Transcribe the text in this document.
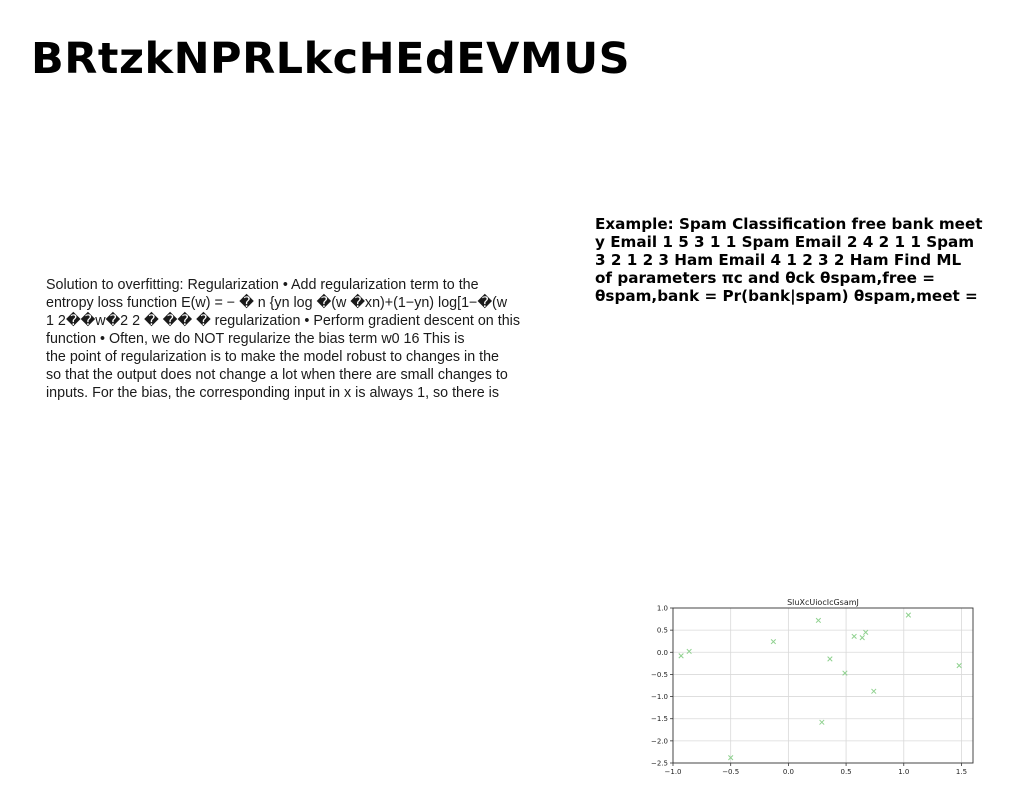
BRtzkNPRLkcHEdEVMUS
Solution to overfitting: Regularization • Add regularization term to the
entropy loss function E(w) = − � n {yn log �(w �xn)+(1−yn) log[1−�(w
1 2��w�2 2 � �� � regularization • Perform gradient descent on this
function • Often, we do NOT regularize the bias term w0 16 This is
the point of regularization is to make the model robust to changes in the
so that the output does not change a lot when there are small changes to
inputs. For the bias, the corresponding input in x is always 1, so there is
Example: Spam Classification free bank meet
y Email 1 5 3 1 1 Spam Email 2 4 2 1 1 Spam
3 2 1 2 3 Ham Email 4 1 2 3 2 Ham Find ML
of parameters πc and θck θspam,free =
θspam,bank = Pr(bank|spam) θspam,meet =
SluXcUiocIcGsamJ
−1.0	−0.5	0.0	0.5	1.0	1.5
1.0
0.5
0.0
−0.5
−1.0
−1.5
−2.0
−2.5
